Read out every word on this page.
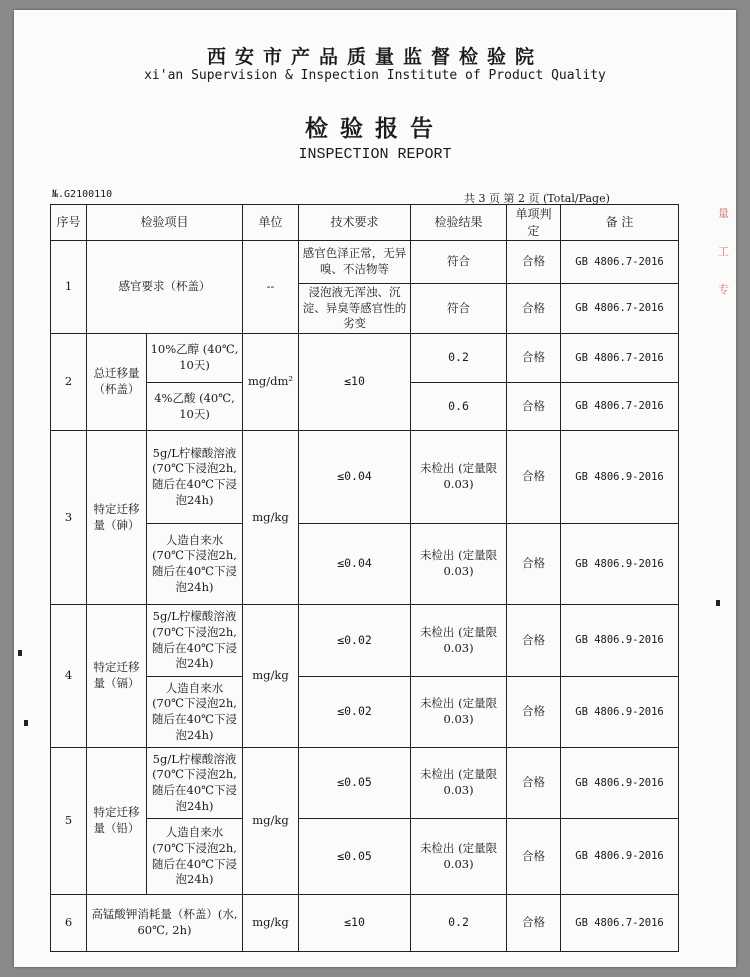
西安市产品质量监督检验院
xi'an Supervision & Inspection Institute of Product Quality
检验报告
INSPECTION REPORT
№.G2100110	共 3 页 第 2 页 (Total/Page)
量
工
专
序号	检验项目		单位	技术要求	检验结果	单项判定	备 注
1	感官要求（杯盖）		--	感官色泽正常，无异嗅、不洁物等	符合	合格	GB 4806.7-2016
				浸泡液无浑浊、沉淀、异臭等感官性的劣变	符合	合格	GB 4806.7-2016
2	总迁移量（杯盖）	10%乙醇 (40℃, 10天)	mg/dm²	≤10	0.2	合格	GB 4806.7-2016
		4%乙酸 (40℃, 10天)			0.6	合格	GB 4806.7-2016
3	特定迁移量（砷）	5g/L柠檬酸溶液 (70℃下浸泡2h, 随后在40℃下浸泡24h)	mg/kg	≤0.04	未检出 (定量限0.03)	合格	GB 4806.9-2016
		人造自来水 (70℃下浸泡2h, 随后在40℃下浸泡24h)		≤0.04	未检出 (定量限0.03)	合格	GB 4806.9-2016
4	特定迁移量（镉）	5g/L柠檬酸溶液 (70℃下浸泡2h, 随后在40℃下浸泡24h)	mg/kg	≤0.02	未检出 (定量限0.03)	合格	GB 4806.9-2016
		人造自来水 (70℃下浸泡2h, 随后在40℃下浸泡24h)		≤0.02	未检出 (定量限0.03)	合格	GB 4806.9-2016
5	特定迁移量（铅）	5g/L柠檬酸溶液 (70℃下浸泡2h, 随后在40℃下浸泡24h)	mg/kg	≤0.05	未检出 (定量限0.03)	合格	GB 4806.9-2016
		人造自来水 (70℃下浸泡2h, 随后在40℃下浸泡24h)		≤0.05	未检出 (定量限0.03)	合格	GB 4806.9-2016
6	高锰酸钾消耗量（杯盖）(水, 60℃, 2h)		mg/kg	≤10	0.2	合格	GB 4806.7-2016
